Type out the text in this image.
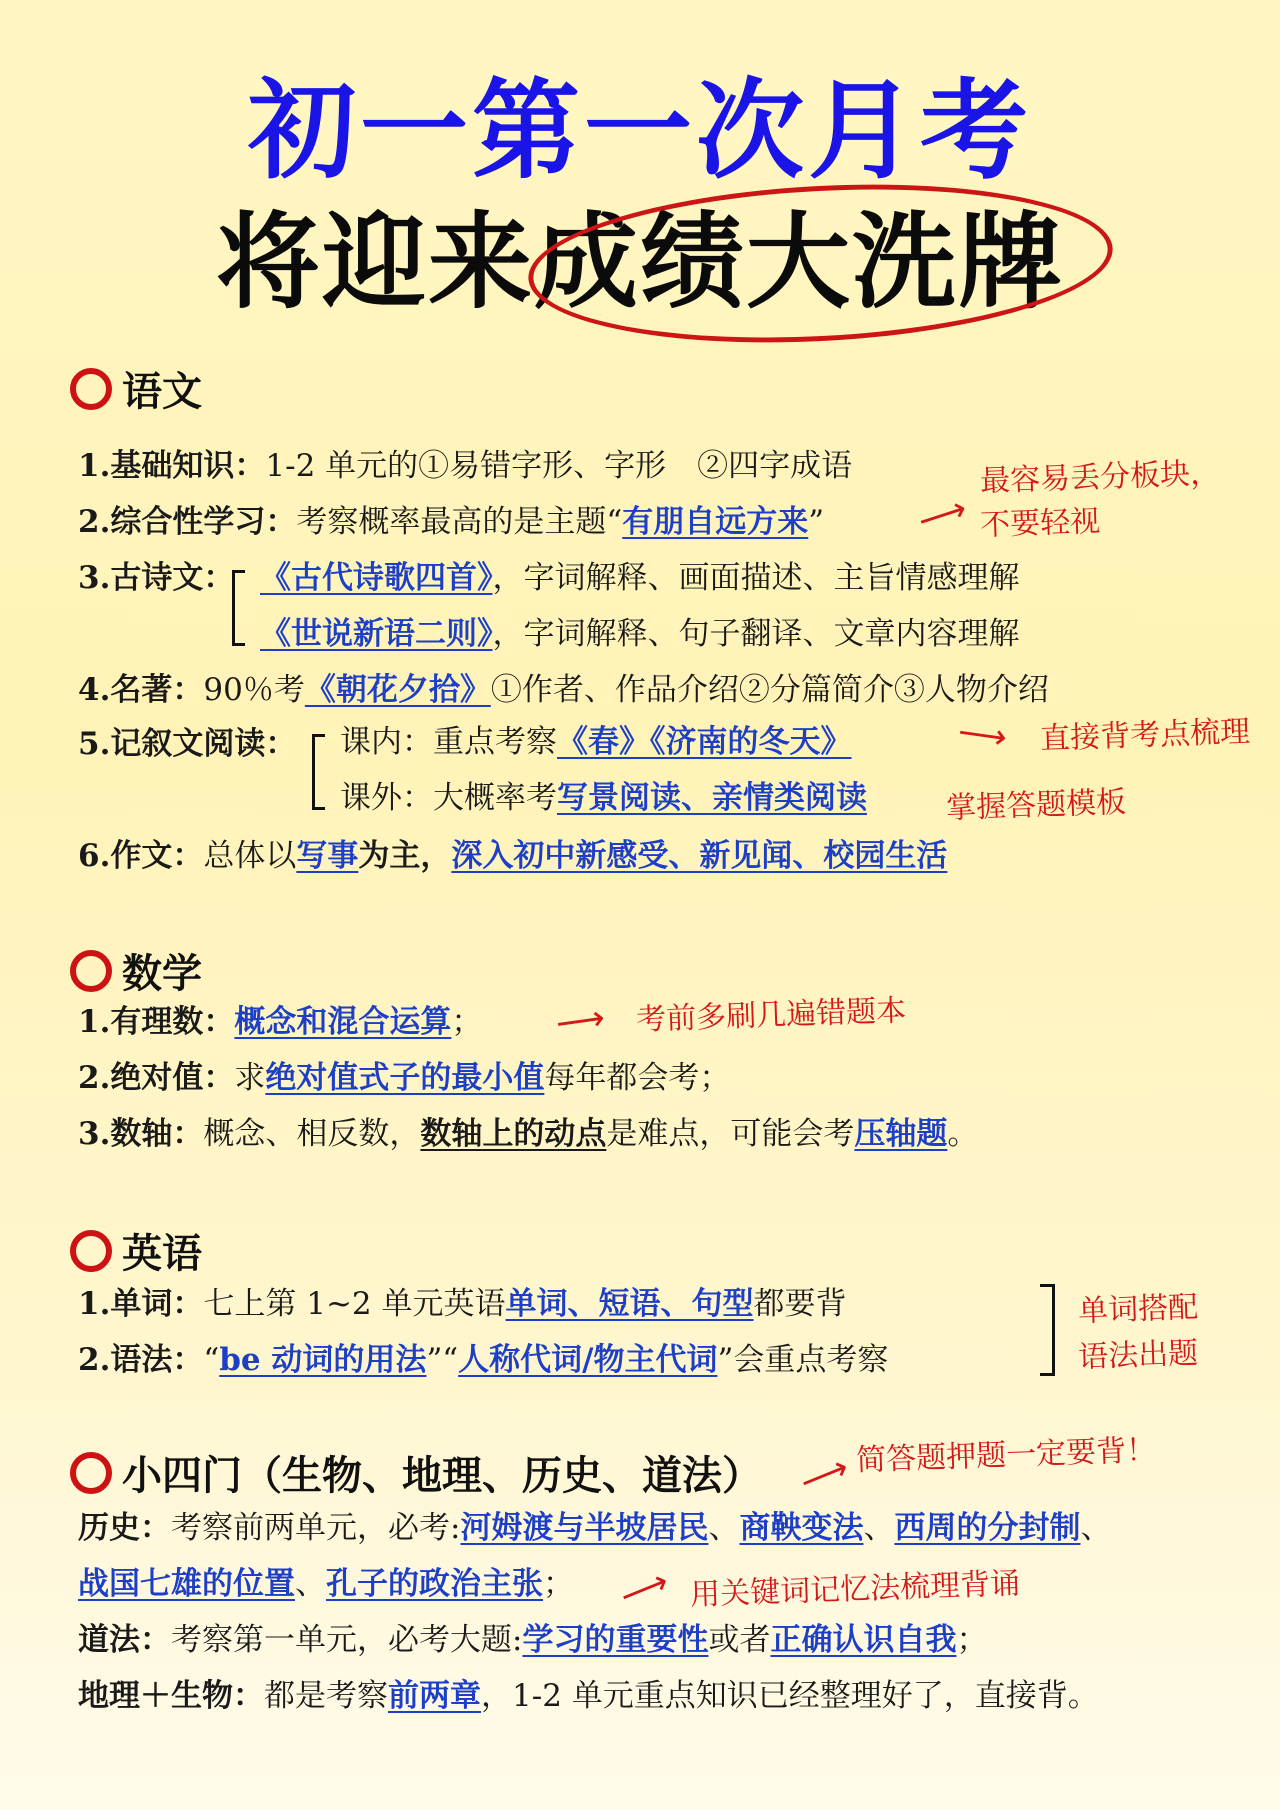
初一第一次月考
将迎来成绩大洗牌
语文
1.基础知识：1-2 单元的①易错字形、字形　②四字成语	最容易丢分板块，
2.综合性学习：考察概率最高的是主题“有朋自远方来”	⟶ 不要轻视
3.古诗文： 《古代诗歌四首》，字词解释、画面描述、主旨情感理解
《世说新语二则》，字词解释、句子翻译、文章内容理解
4.名著：90％考《朝花夕拾》①作者、作品介绍②分篇简介③人物介绍
5.记叙文阅读： 课内：重点考察《春》《济南的冬天》	⟶ 直接背考点梳理
课外：大概率考写景阅读、亲情类阅读	掌握答题模板
6.作文：总体以写事为主，深入初中新感受、新见闻、校园生活
数学
1.有理数：概念和混合运算； ⟶ 考前多刷几遍错题本
2.绝对值：求绝对值式子的最小值每年都会考；
3.数轴：概念、相反数，数轴上的动点是难点，可能会考压轴题。
英语
1.单词：七上第 1~2 单元英语单词、短语、句型都要背
2.语法：“be 动词的用法”“人称代词/物主代词”会重点考察
单词搭配
语法出题
小四门（生物、地理、历史、道法） ⟶ 简答题押题一定要背！
历史：考察前两单元，必考:河姆渡与半坡居民、商鞅变法、西周的分封制、
战国七雄的位置、孔子的政治主张； ⟶ 用关键词记忆法梳理背诵
道法：考察第一单元，必考大题:学习的重要性或者正确认识自我；
地理＋生物：都是考察前两章，1-2 单元重点知识已经整理好了，直接背。
